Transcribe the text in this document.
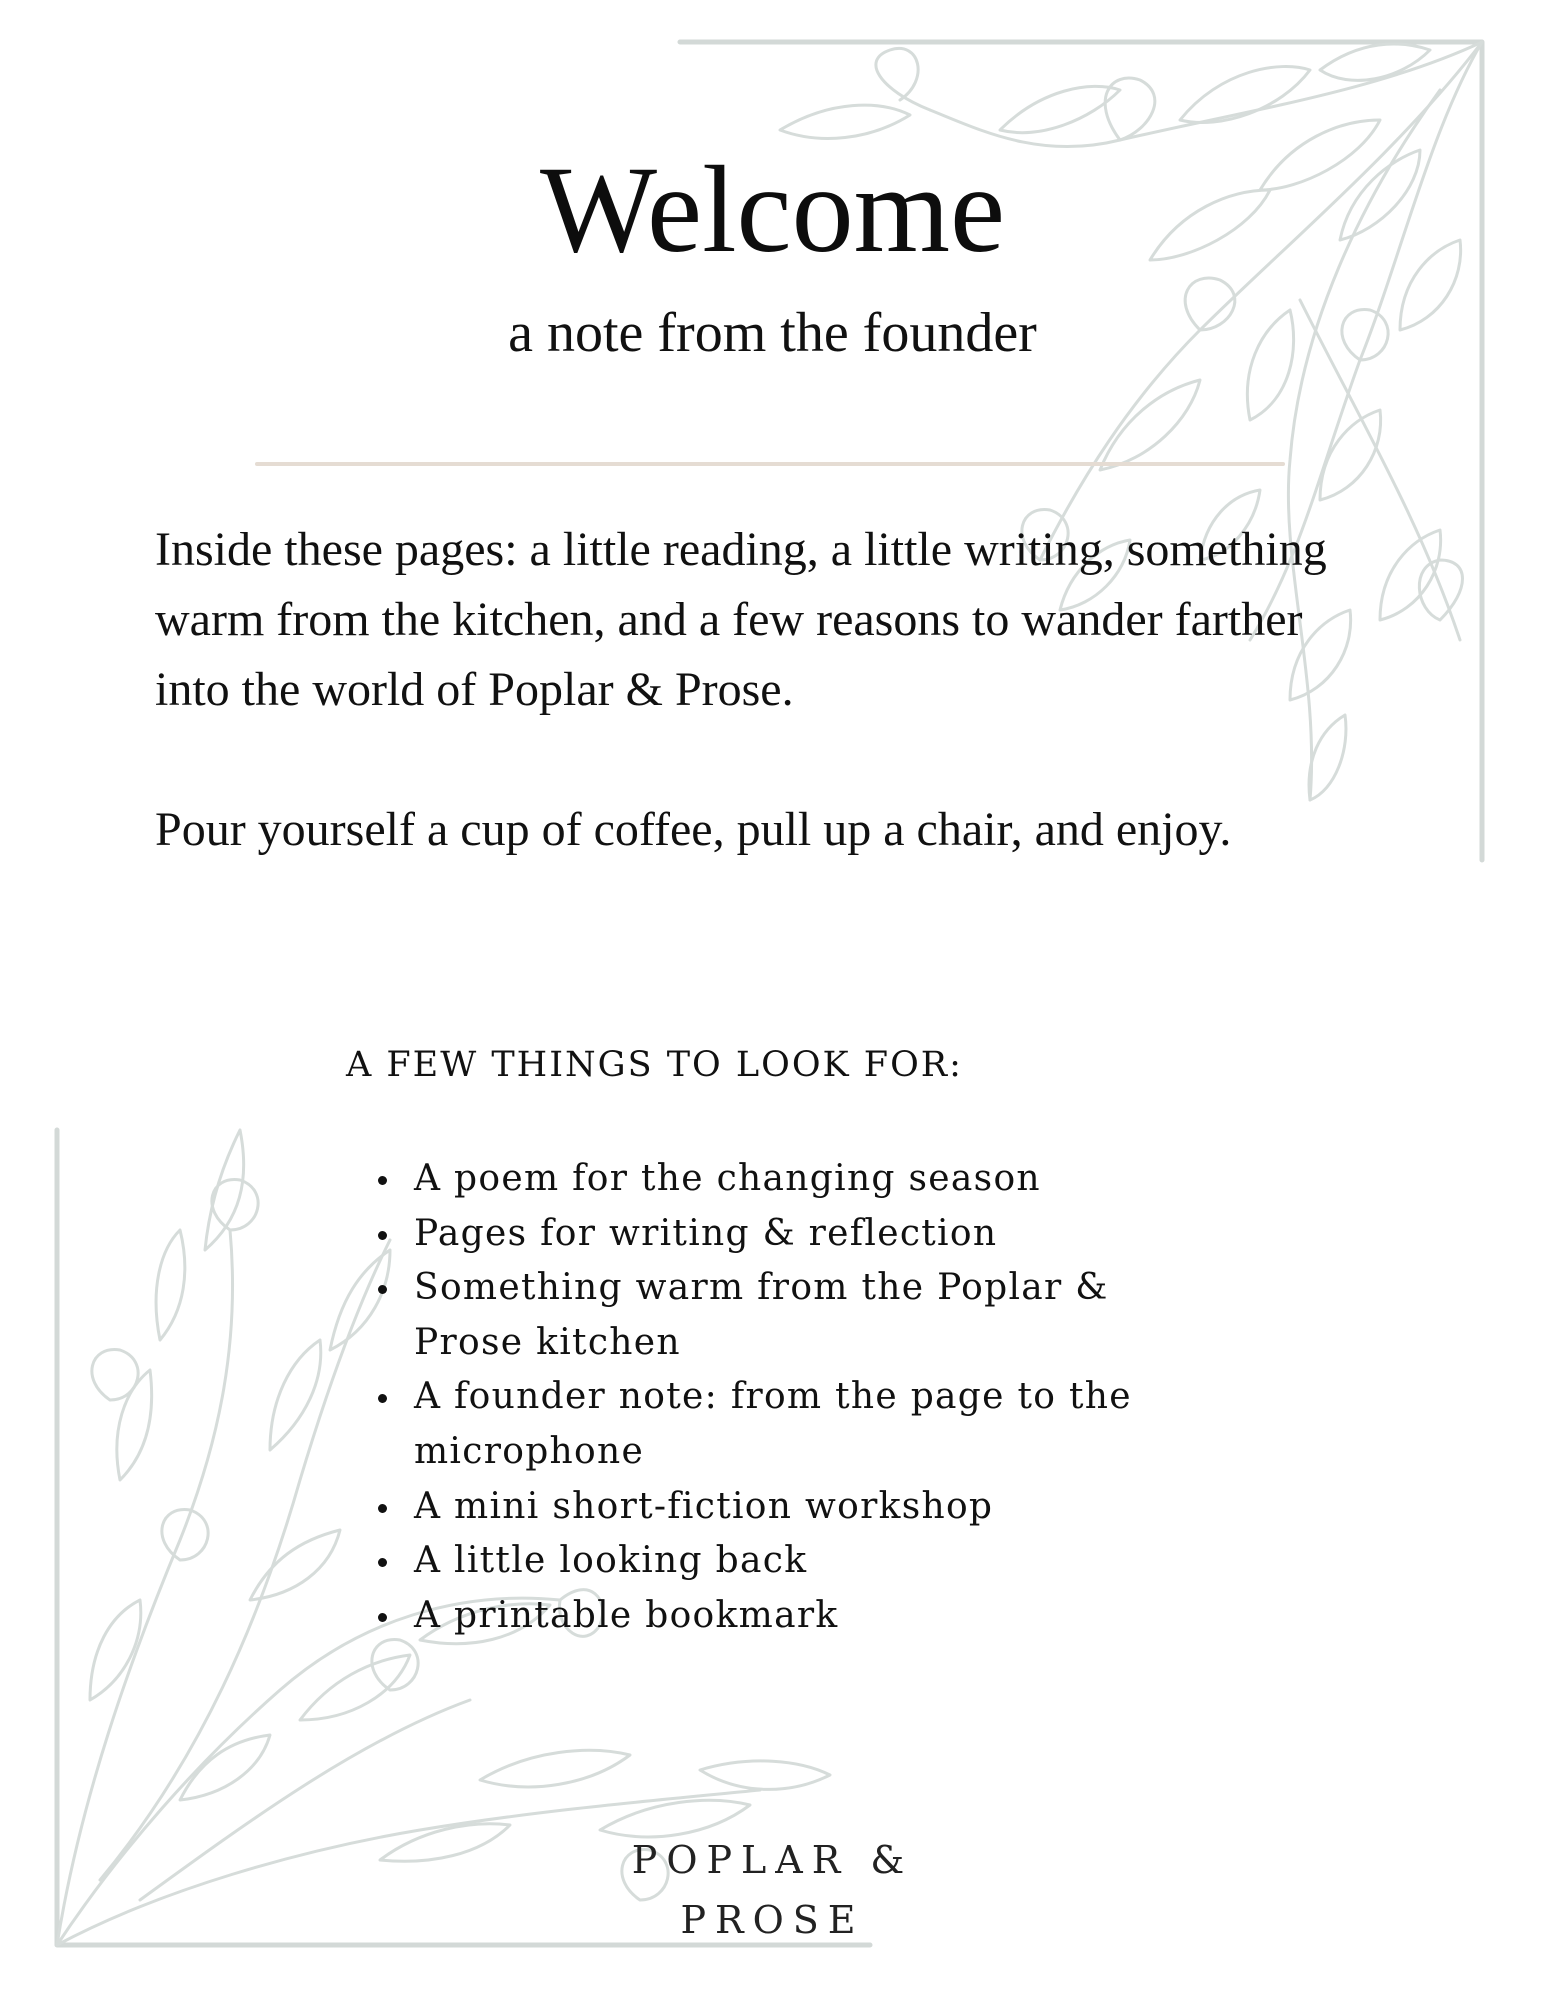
Welcome
a note from the founder

Inside these pages: a little reading, a little writing, something warm from the kitchen, and a few reasons to wander farther into the world of Poplar & Prose.

Pour yourself a cup of coffee, pull up a chair, and enjoy.

A FEW THINGS TO LOOK FOR:
A poem for the changing season
Pages for writing & reflection
Something warm from the Poplar & Prose kitchen
A founder note: from the page to the microphone
A mini short-fiction workshop
A little looking back
A printable bookmark
POPLAR &
PROSE
